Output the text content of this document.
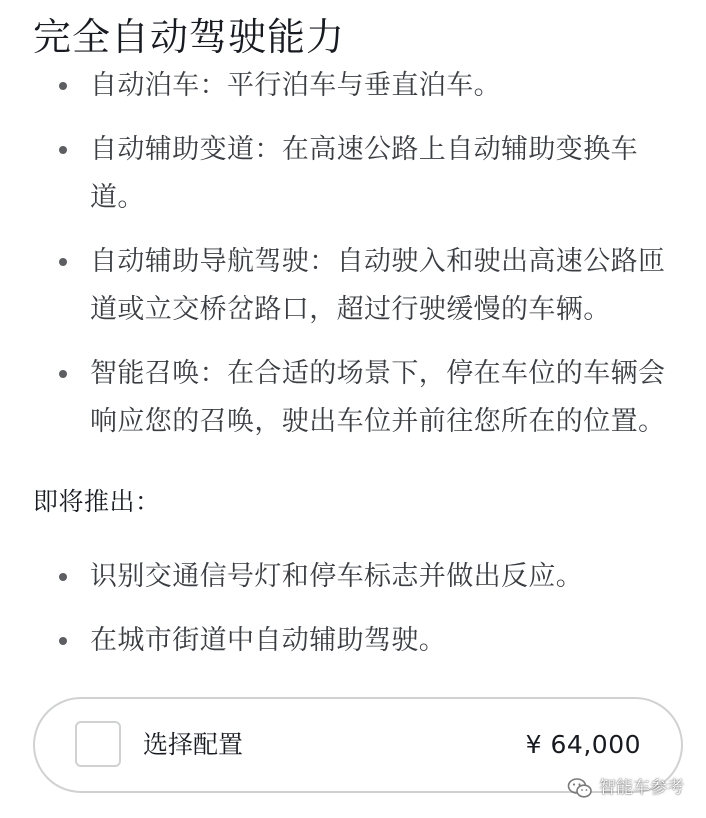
完全自动驾驶能力
自动泊车：平行泊车与垂直泊车。
自动辅助变道：在高速公路上自动辅助变换车道。
自动辅助导航驾驶：自动驶入和驶出高速公路匝道或立交桥岔路口，超过行驶缓慢的车辆。
智能召唤：在合适的场景下，停在车位的车辆会响应您的召唤，驶出车位并前往您所在的位置。
即将推出：
识别交通信号灯和停车标志并做出反应。
在城市街道中自动辅助驾驶。
选择配置	¥ 64,000
智能车参考
